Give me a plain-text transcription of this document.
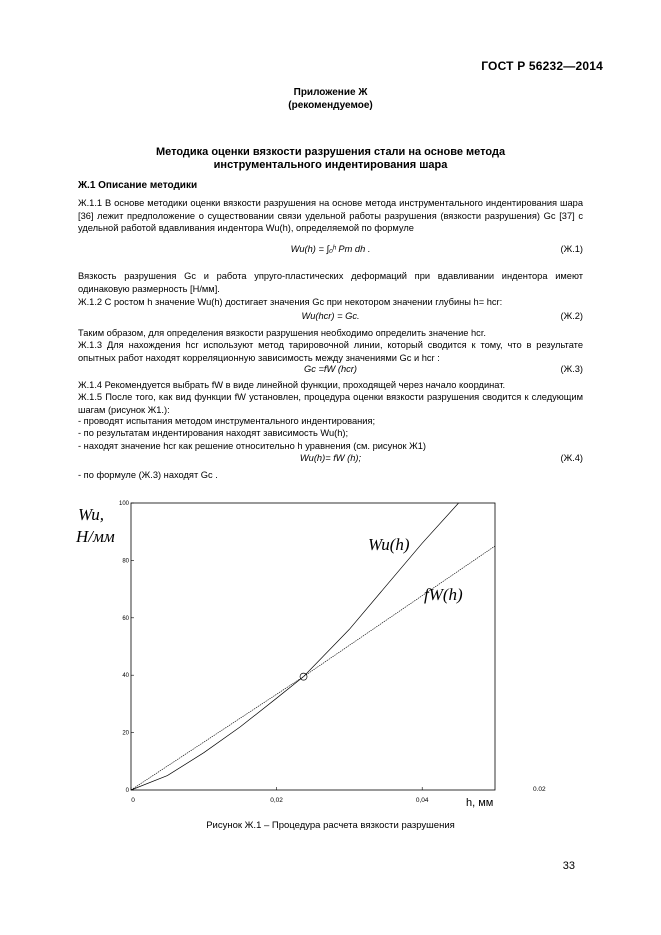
ГОСТ Р 56232—2014
Приложение Ж
(рекомендуемое)
Методика оценки вязкости разрушения стали на основе метода
инструментального индентирования шара
Ж.1 Описание методики
Ж.1.1 В основе методики оценки вязкости разрушения на основе метода инструментального индентирования шара [36] лежит предположение о существовании связи удельной работы разрушения (вязкости разрушения) Gc [37] с удельной работой вдавливания индентора Wu(h), определяемой по формуле
Wu(h) = ∫₀ʰ Pm dh .	(Ж.1)
Вязкость разрушения Gc и работа упруго-пластических деформаций при вдавливании индентора имеют одинаковую размерность [Н/мм].
Ж.1.2 С ростом h значение Wu(h) достигает значения Gc при некотором значении глубины h= hcr:
Wu(hcr) = Gc.	(Ж.2)
Таким образом, для определения вязкости разрушения необходимо определить значение hcr.
Ж.1.3 Для нахождения hcr используют метод тарировочной линии, который сводится к тому, что в результате опытных работ находят корреляционную зависимость между значениями Gc и hcr :
Gc =fW (hcr)	(Ж.3)
Ж.1.4 Рекомендуется выбрать fW в виде линейной функции, проходящей через начало координат.
Ж.1.5 После того, как вид функции fW установлен, процедура оценки вязкости разрушения сводится к следующим шагам (рисунок Ж1.):
- проводят испытания методом инструментального индентирования;
- по результатам индентирования находят зависимость Wu(h);
- находят значение hcr как решение относительно h уравнения (см. рисунок Ж1)
Wu(h)= fW (h);	(Ж.4)
- по формуле (Ж.3) находят Gc .
0
20
40
60
80
100
0	0,02	0,04
Wu,
Н/мм	Wu(h)
fW(h)
h, мм
0.02
Рисунок Ж.1 – Процедура расчета вязкости разрушения
33
